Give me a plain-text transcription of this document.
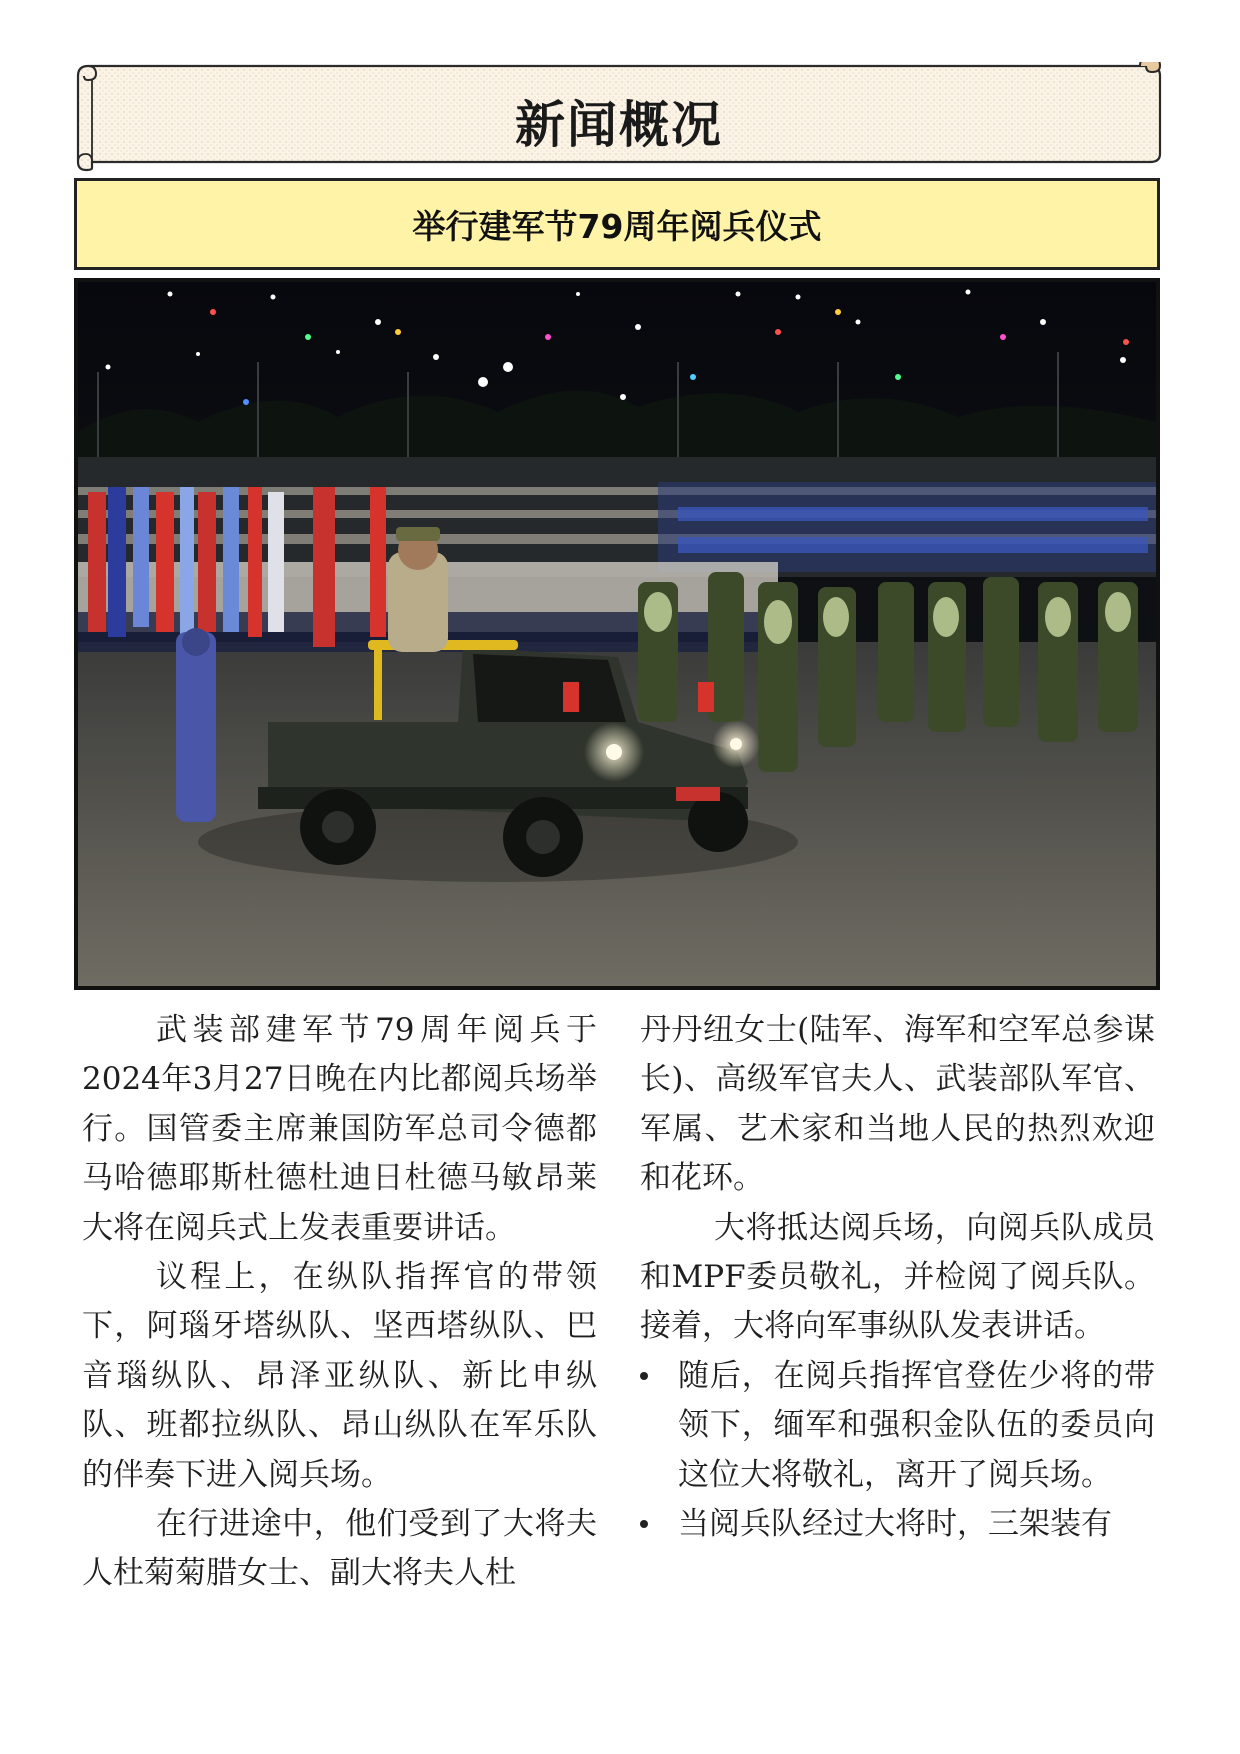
新闻概况
举行建军节79周年阅兵仪式

武装部建军节79周年阅兵于2024年3月27日晚在内比都阅兵场举行。国管委主席兼国防军总司令德都马哈德耶斯杜德杜迪日杜德马敏昂莱大将在阅兵式上发表重要讲话。

议程上，在纵队指挥官的带领下，阿瑙牙塔纵队、坚西塔纵队、巴音瑙纵队、昂泽亚纵队、新比申纵队、班都拉纵队、昂山纵队在军乐队的伴奏下进入阅兵场。

在行进途中，他们受到了大将夫人杜菊菊腊女士、副大将夫人杜

丹丹纽女士(陆军、海军和空军总参谋长)、高级军官夫人、武装部队军官、军属、艺术家和当地人民的热烈欢迎和花环。

大将抵达阅兵场，向阅兵队成员和MPF委员敬礼，并检阅了阅兵队。接着，大将向军事纵队发表讲话。

随后，在阅兵指挥官登佐少将的带领下，缅军和强积金队伍的委员向这位大将敬礼，离开了阅兵场。
当阅兵队经过大将时，三架装有
